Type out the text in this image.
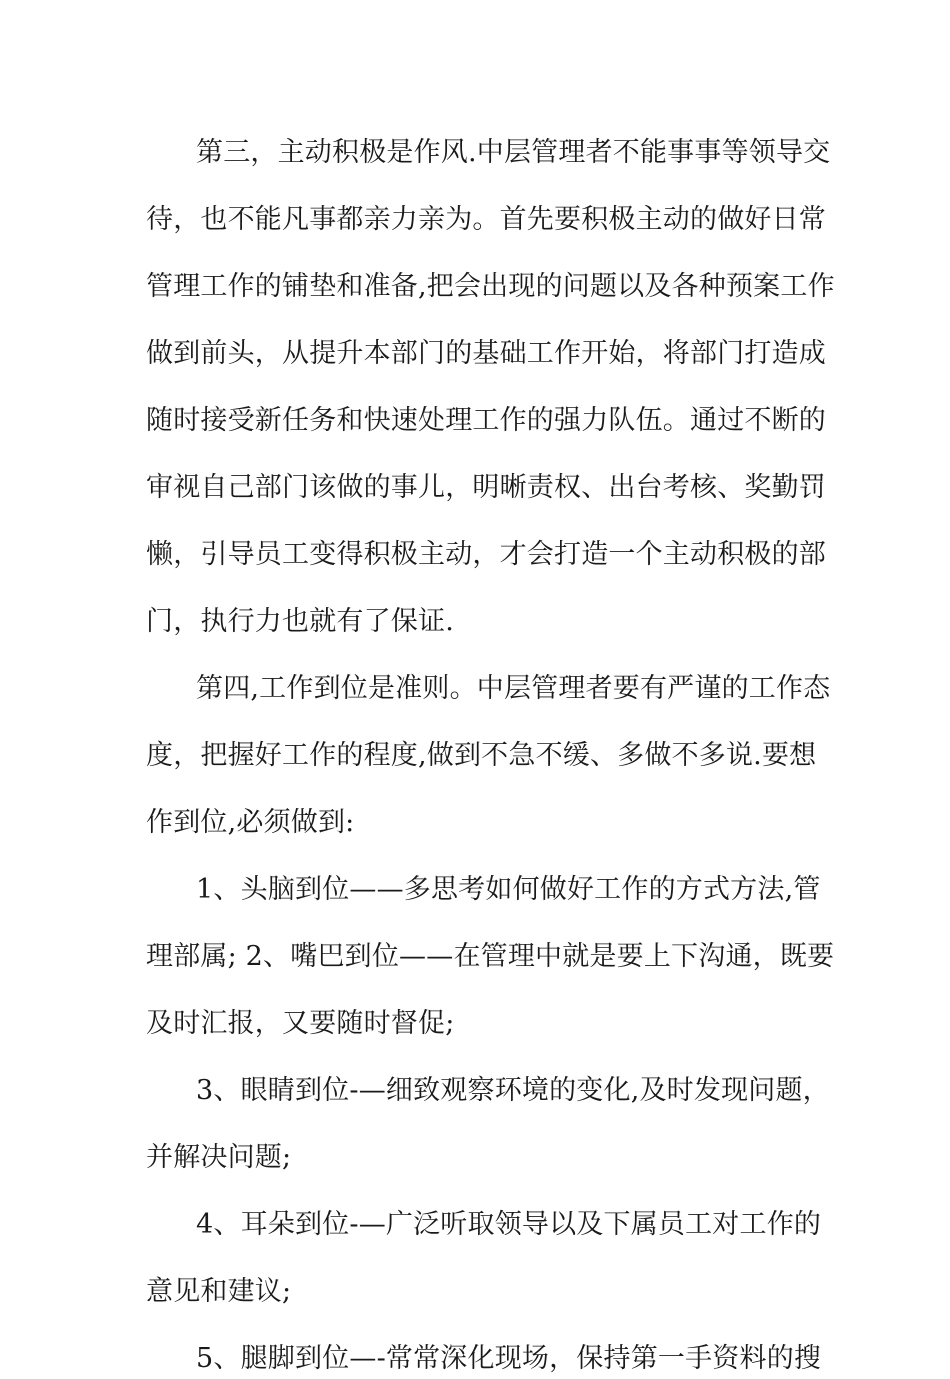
第三，主动积极是作风.中层管理者不能事事等领导交
待，也不能凡事都亲力亲为。首先要积极主动的做好日常
管理工作的铺垫和准备,把会出现的问题以及各种预案工作
做到前头，从提升本部门的基础工作开始，将部门打造成
随时接受新任务和快速处理工作的强力队伍。通过不断的
审视自己部门该做的事儿，明晰责权、出台考核、奖勤罚
懒，引导员工变得积极主动，才会打造一个主动积极的部
门，执行力也就有了保证.
第四,工作到位是准则。中层管理者要有严谨的工作态
度，把握好工作的程度,做到不急不缓、多做不多说.要想
作到位,必须做到:
1、头脑到位——多思考如何做好工作的方式方法,管
理部属; 2、嘴巴到位——在管理中就是要上下沟通，既要
及时汇报，又要随时督促;
3、眼睛到位-—细致观察环境的变化,及时发现问题，
并解决问题;
4、耳朵到位-—广泛听取领导以及下属员工对工作的
意见和建议;
5、腿脚到位—-常常深化现场，保持第一手资料的搜
